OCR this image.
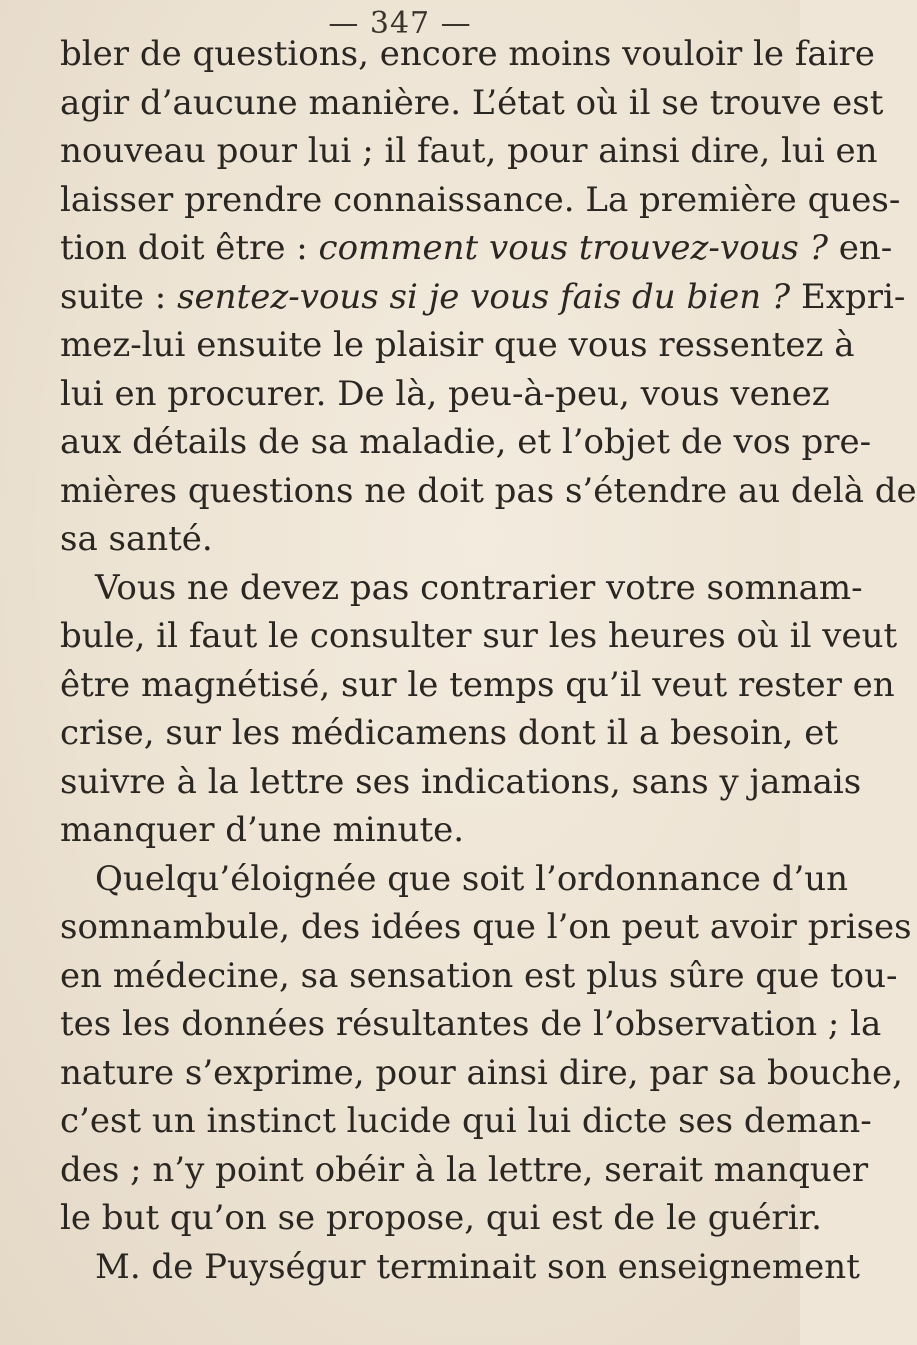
— 347 —
bler de questions, encore moins vouloir le faire
agir d’aucune manière. L’état où il se trouve est
nouveau pour lui ; il faut, pour ainsi dire, lui en
laisser prendre connaissance. La première ques-
tion doit être : comment vous trouvez-vous ? en-
suite : sentez-vous si je vous fais du bien ? Expri-
mez-lui ensuite le plaisir que vous ressentez à
lui en procurer. De là, peu-à-peu, vous venez
aux détails de sa maladie, et l’objet de vos pre-
mières questions ne doit pas s’étendre au delà de
sa santé.
Vous ne devez pas contrarier votre somnam-
bule, il faut le consulter sur les heures où il veut
être magnétisé, sur le temps qu’il veut rester en
crise, sur les médicamens dont il a besoin, et
suivre à la lettre ses indications, sans y jamais
manquer d’une minute.
Quelqu’éloignée que soit l’ordonnance d’un
somnambule, des idées que l’on peut avoir prises
en médecine, sa sensation est plus sûre que tou-
tes les données résultantes de l’observation ; la
nature s’exprime, pour ainsi dire, par sa bouche,
c’est un instinct lucide qui lui dicte ses deman-
des ; n’y point obéir à la lettre, serait manquer
le but qu’on se propose, qui est de le guérir.
M. de Puységur terminait son enseignement
